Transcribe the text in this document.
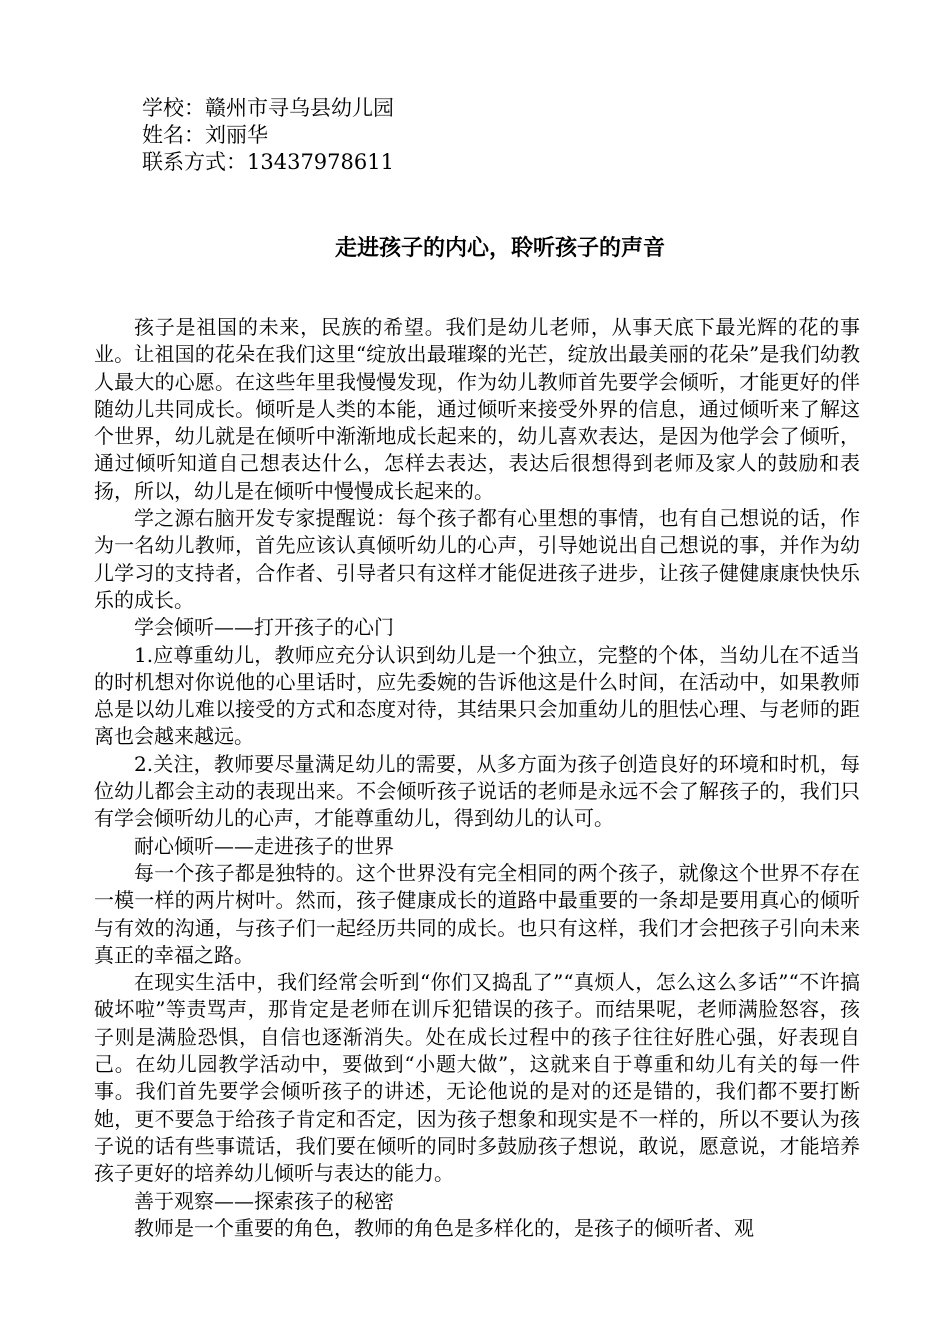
学校：赣州市寻乌县幼儿园
姓名：刘丽华
联系方式：13437978611
走进孩子的内心，聆听孩子的声音

孩子是祖国的未来，民族的希望。我们是幼儿老师，从事天底下最光辉的花的事业。让祖国的花朵在我们这里“绽放出最璀璨的光芒，绽放出最美丽的花朵”是我们幼教人最大的心愿。在这些年里我慢慢发现，作为幼儿教师首先要学会倾听，才能更好的伴随幼儿共同成长。倾听是人类的本能，通过倾听来接受外界的信息，通过倾听来了解这个世界，幼儿就是在倾听中渐渐地成长起来的，幼儿喜欢表达，是因为他学会了倾听，通过倾听知道自己想表达什么，怎样去表达，表达后很想得到老师及家人的鼓励和表扬，所以，幼儿是在倾听中慢慢成长起来的。

学之源右脑开发专家提醒说：每个孩子都有心里想的事情，也有自己想说的话，作为一名幼儿教师，首先应该认真倾听幼儿的心声，引导她说出自己想说的事，并作为幼儿学习的支持者，合作者、引导者只有这样才能促进孩子进步，让孩子健健康康快快乐乐的成长。

学会倾听——打开孩子的心门

1.应尊重幼儿，教师应充分认识到幼儿是一个独立，完整的个体，当幼儿在不适当的时机想对你说他的心里话时，应先委婉的告诉他这是什么时间，在活动中，如果教师总是以幼儿难以接受的方式和态度对待，其结果只会加重幼儿的胆怯心理、与老师的距离也会越来越远。

2.关注，教师要尽量满足幼儿的需要，从多方面为孩子创造良好的环境和时机，每位幼儿都会主动的表现出来。不会倾听孩子说话的老师是永远不会了解孩子的，我们只有学会倾听幼儿的心声，才能尊重幼儿，得到幼儿的认可。

耐心倾听——走进孩子的世界

每一个孩子都是独特的。这个世界没有完全相同的两个孩子，就像这个世界不存在一模一样的两片树叶。然而，孩子健康成长的道路中最重要的一条却是要用真心的倾听与有效的沟通，与孩子们一起经历共同的成长。也只有这样，我们才会把孩子引向未来真正的幸福之路。

在现实生活中，我们经常会听到“你们又捣乱了”“真烦人，怎么这么多话”“不许搞破坏啦”等责骂声，那肯定是老师在训斥犯错误的孩子。而结果呢，老师满脸怒容，孩子则是满脸恐惧，自信也逐渐消失。处在成长过程中的孩子往往好胜心强，好表现自己。在幼儿园教学活动中，要做到“小题大做”，这就来自于尊重和幼儿有关的每一件事。我们首先要学会倾听孩子的讲述，无论他说的是对的还是错的，我们都不要打断她，更不要急于给孩子肯定和否定，因为孩子想象和现实是不一样的，所以不要认为孩子说的话有些事谎话，我们要在倾听的同时多鼓励孩子想说，敢说，愿意说，才能培养孩子更好的培养幼儿倾听与表达的能力。

善于观察——探索孩子的秘密

教师是一个重要的角色，教师的角色是多样化的，是孩子的倾听者、观
